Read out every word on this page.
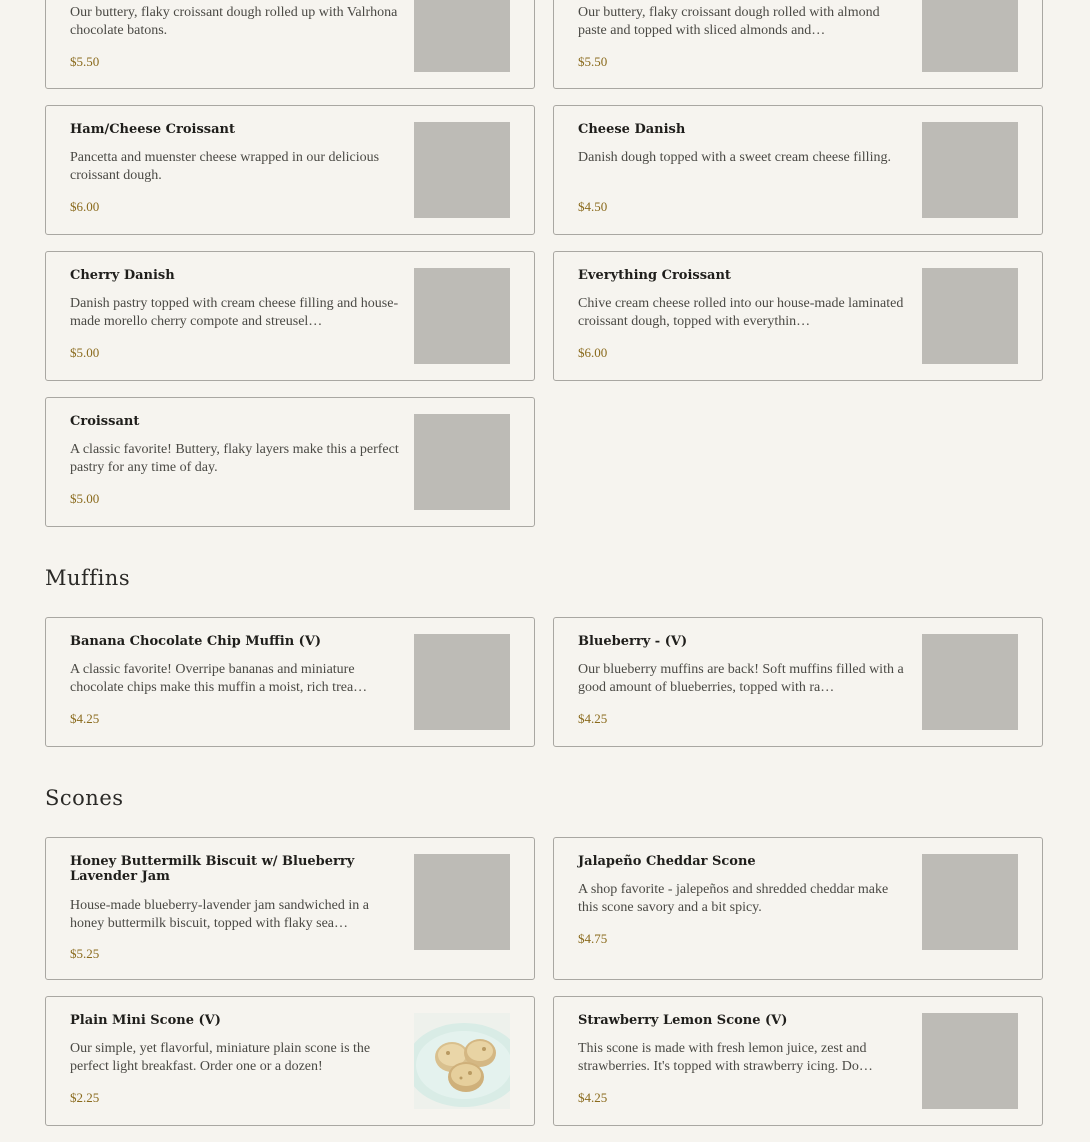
Our buttery, flaky croissant dough rolled up with Valrhona chocolate batons.
$5.50
Our buttery, flaky croissant dough rolled with almond paste and topped with sliced almonds and…
$5.50
Ham/Cheese Croissant
Pancetta and muenster cheese wrapped in our delicious croissant dough.
$6.00
Cheese Danish
Danish dough topped with a sweet cream cheese filling.
$4.50
Cherry Danish
Danish pastry topped with cream cheese filling and house-made morello cherry compote and streusel…
$5.00
Everything Croissant
Chive cream cheese rolled into our house-made laminated croissant dough, topped with everythin…
$6.00
Croissant
A classic favorite! Buttery, flaky layers make this a perfect pastry for any time of day.
$5.00
Muffins
Banana Chocolate Chip Muffin (V)
A classic favorite! Overripe bananas and miniature chocolate chips make this muffin a moist, rich trea…
$4.25
Blueberry - (V)
Our blueberry muffins are back! Soft muffins filled with a good amount of blueberries, topped with ra…
$4.25
Scones
Honey Buttermilk Biscuit w/ Blueberry Lavender Jam
House-made blueberry-lavender jam sandwiched in a honey buttermilk biscuit, topped with flaky sea…
$5.25
Jalapeño Cheddar Scone
A shop favorite - jalepeños and shredded cheddar make this scone savory and a bit spicy.
$4.75
Plain Mini Scone (V)
Our simple, yet flavorful, miniature plain scone is the perfect light breakfast. Order one or a dozen!
$2.25
Strawberry Lemon Scone (V)
This scone is made with fresh lemon juice, zest and strawberries. It's topped with strawberry icing. Do…
$4.25
